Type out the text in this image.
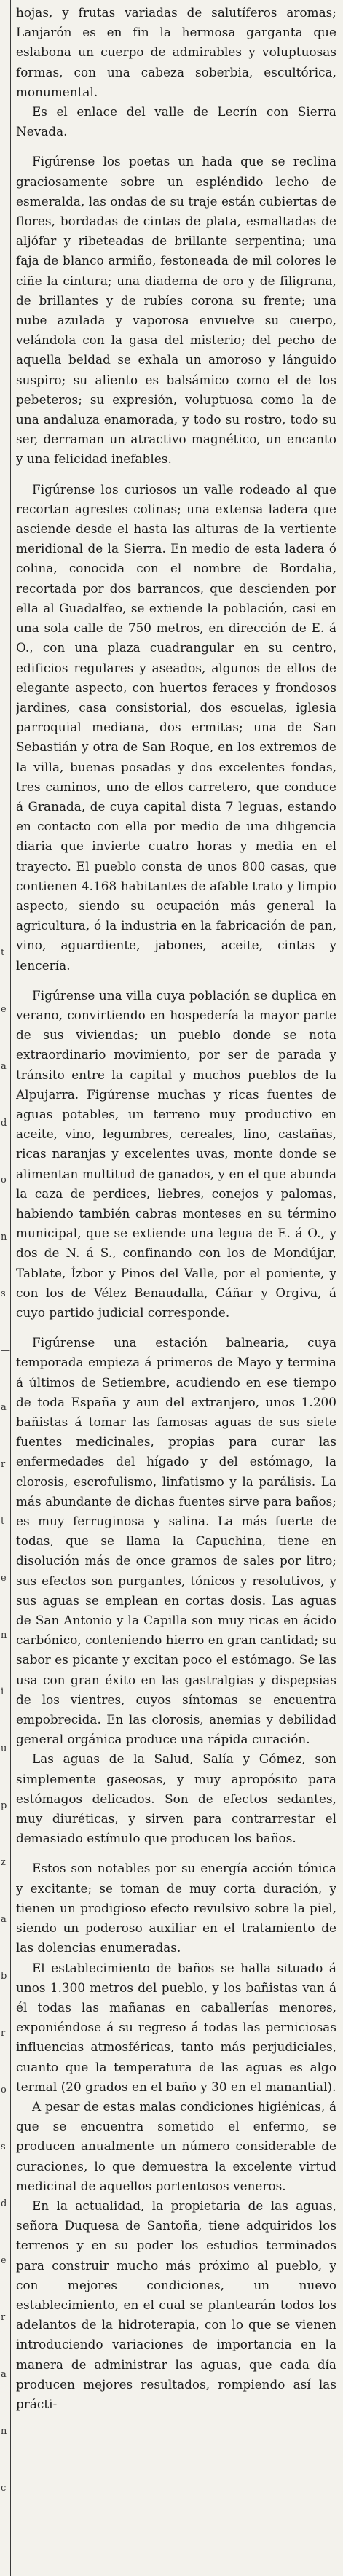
t
e
a
d
o
n
s
—
a
r
t
e
n
i
u
p
z
a
b
r
o
s
d
e
r
a
n
c

hojas, y frutas variadas de salutíferos aromas; Lanjarón es en fin la hermosa garganta que eslabona un cuerpo de admirables y voluptuosas formas, con una cabeza soberbia, escultórica, monumental.

Es el enlace del valle de Lecrín con Sierra Nevada.

Figúrense los poetas un hada que se reclina graciosamente sobre un espléndido lecho de esmeralda, las ondas de su traje están cubiertas de flores, bordadas de cintas de plata, esmaltadas de aljófar y ribeteadas de brillante serpentina; una faja de blanco armiño, festoneada de mil colores le ciñe la cintura; una diadema de oro y de filigrana, de brillantes y de rubíes corona su frente; una nube azulada y vaporosa envuelve su cuerpo, velándola con la gasa del misterio; del pecho de aquella beldad se exhala un amoroso y lánguido suspiro; su aliento es balsámico como el de los pebeteros; su expresión, voluptuosa como la de una andaluza enamorada, y todo su rostro, todo su ser, derraman un atractivo magnético, un encanto y una felicidad inefables.

Figúrense los curiosos un valle rodeado al que recortan agrestes colinas; una extensa ladera que asciende desde el hasta las alturas de la vertiente meridional de la Sierra. En medio de esta ladera ó colina, conocida con el nombre de Bordalia, recortada por dos barrancos, que descienden por ella al Guadalfeo, se extiende la población, casi en una sola calle de 750 metros, en dirección de E. á O., con una plaza cuadrangular en su centro, edificios regulares y aseados, algunos de ellos de elegante aspecto, con huertos feraces y frondosos jardines, casa consistorial, dos escuelas, iglesia parroquial mediana, dos ermitas; una de San Sebastián y otra de San Roque, en los extremos de la villa, buenas posadas y dos excelentes fondas, tres caminos, uno de ellos carretero, que conduce á Granada, de cuya capital dista 7 leguas, estando en contacto con ella por medio de una diligencia diaria que invierte cuatro horas y media en el trayecto. El pueblo consta de unos 800 casas, que contienen 4.168 habitantes de afable trato y limpio aspecto, siendo su ocupación más general la agricultura, ó la industria en la fabricación de pan, vino, aguardiente, jabones, aceite, cintas y lencería.

Figúrense una villa cuya población se duplica en verano, convirtiendo en hospedería la mayor parte de sus viviendas; un pueblo donde se nota extraordinario movimiento, por ser de parada y tránsito entre la capital y muchos pueblos de la Alpujarra. Figúrense muchas y ricas fuentes de aguas potables, un terreno muy productivo en aceite, vino, legumbres, cereales, lino, castañas, ricas naranjas y excelentes uvas, monte donde se alimentan multitud de ganados, y en el que abunda la caza de perdices, liebres, conejos y palomas, habiendo también cabras monteses en su término municipal, que se extiende una legua de E. á O., y dos de N. á S., confinando con los de Mondújar, Tablate, Ízbor y Pinos del Valle, por el poniente, y con los de Vélez Benaudalla, Cáñar y Orgiva, á cuyo partido judicial corresponde.

Figúrense una estación balnearia, cuya temporada empieza á primeros de Mayo y termina á últimos de Setiembre, acudiendo en ese tiempo de toda España y aun del extranjero, unos 1.200 bañistas á tomar las famosas aguas de sus siete fuentes medicinales, propias para curar las enfermedades del hígado y del estómago, la clorosis, escrofulismo, linfatismo y la parálisis. La más abundante de dichas fuentes sirve para baños; es muy ferruginosa y salina. La más fuerte de todas, que se llama la Capuchina, tiene en disolución más de once gramos de sales por litro; sus efectos son purgantes, tónicos y resolutivos, y sus aguas se emplean en cortas dosis. Las aguas de San Antonio y la Capilla son muy ricas en ácido carbónico, conteniendo hierro en gran cantidad; su sabor es picante y excitan poco el estómago. Se las usa con gran éxito en las gastralgias y dispepsias de los vientres, cuyos síntomas se encuentra empobrecida. En las clorosis, anemias y debilidad general orgánica produce una rápida curación.

Las aguas de la Salud, Salía y Gómez, son simplemente gaseosas, y muy apropósito para estómagos delicados. Son de efectos sedantes, muy diuréticas, y sirven para contrarrestar el demasiado estímulo que producen los baños.

Estos son notables por su energía acción tónica y excitante; se toman de muy corta duración, y tienen un prodigioso efecto revulsivo sobre la piel, siendo un poderoso auxiliar en el tratamiento de las dolencias enumeradas.

El establecimiento de baños se halla situado á unos 1.300 metros del pueblo, y los bañistas van á él todas las mañanas en caballerías menores, exponiéndose á su regreso á todas las perniciosas influencias atmosféricas, tanto más perjudiciales, cuanto que la temperatura de las aguas es algo termal (20 grados en el baño y 30 en el manantial).

A pesar de estas malas condiciones higiénicas, á que se encuentra sometido el enfermo, se producen anualmente un número considerable de curaciones, lo que demuestra la excelente virtud medicinal de aquellos portentosos veneros.

En la actualidad, la propietaria de las aguas, señora Duquesa de Santoña, tiene adquiridos los terrenos y en su poder los estudios terminados para construir mucho más próximo al pueblo, y con mejores condiciones, un nuevo establecimiento, en el cual se plantearán todos los adelantos de la hidroterapia, con lo que se vienen introduciendo variaciones de importancia en la manera de administrar las aguas, que cada día producen mejores resultados, rompiendo así las prácti-
